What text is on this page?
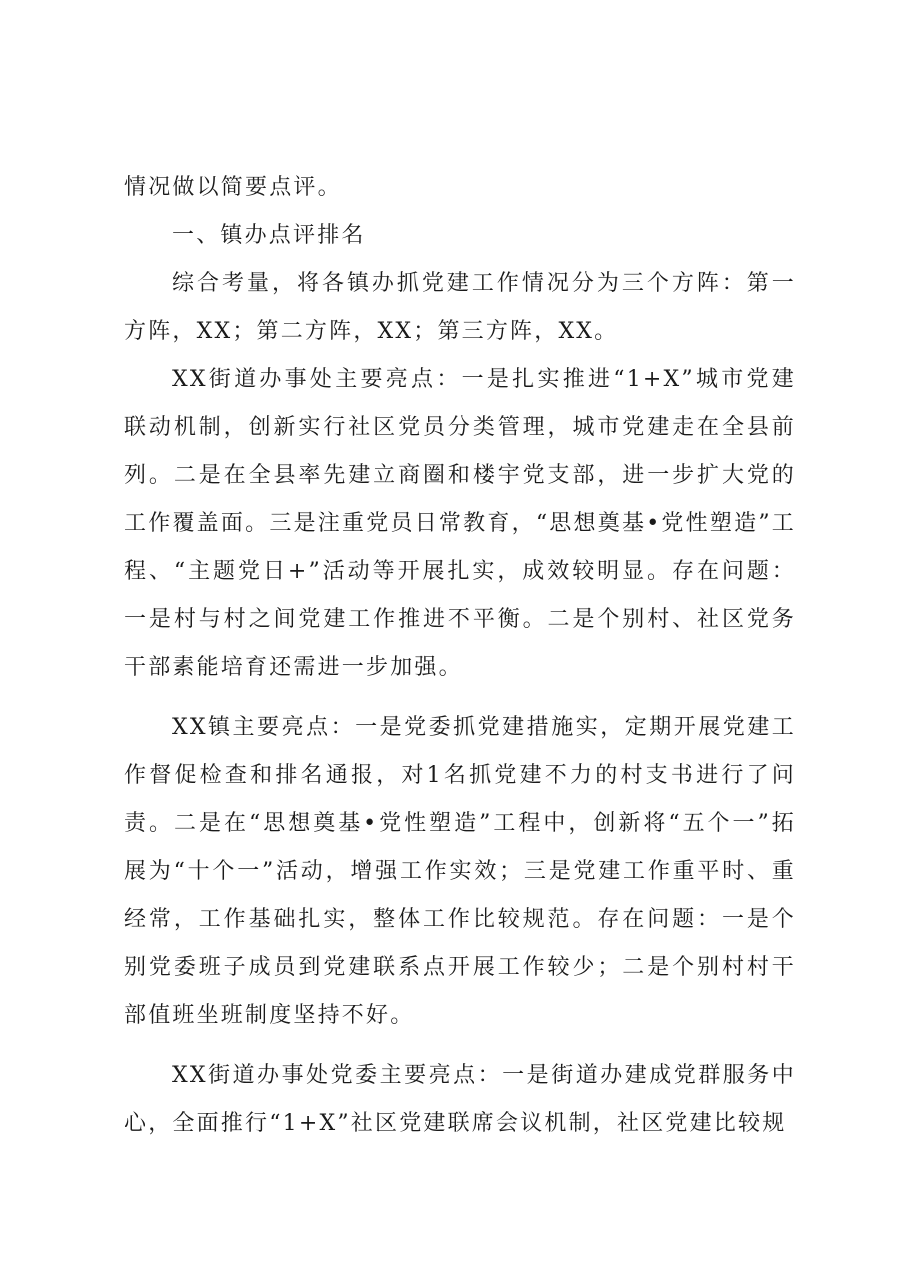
情况做以简要点评。

一、镇办点评排名

综合考量，将各镇办抓党建工作情况分为三个方阵：第一方阵，XX；第二方阵，XX；第三方阵，XX。

XX街道办事处主要亮点：一是扎实推进“1+X”城市党建联动机制，创新实行社区党员分类管理，城市党建走在全县前列。二是在全县率先建立商圈和楼宇党支部，进一步扩大党的工作覆盖面。三是注重党员日常教育，“思想奠基•党性塑造”工程、“主题党日+”活动等开展扎实，成效较明显。存在问题：一是村与村之间党建工作推进不平衡。二是个别村、社区党务干部素能培育还需进一步加强。

XX镇主要亮点：一是党委抓党建措施实，定期开展党建工作督促检查和排名通报，对1名抓党建不力的村支书进行了问责。二是在“思想奠基•党性塑造”工程中，创新将“五个一”拓展为“十个一”活动，增强工作实效；三是党建工作重平时、重经常，工作基础扎实，整体工作比较规范。存在问题：一是个别党委班子成员到党建联系点开展工作较少；二是个别村村干部值班坐班制度坚持不好。

XX街道办事处党委主要亮点：一是街道办建成党群服务中心，全面推行“1+X”社区党建联席会议机制，社区党建比较规
